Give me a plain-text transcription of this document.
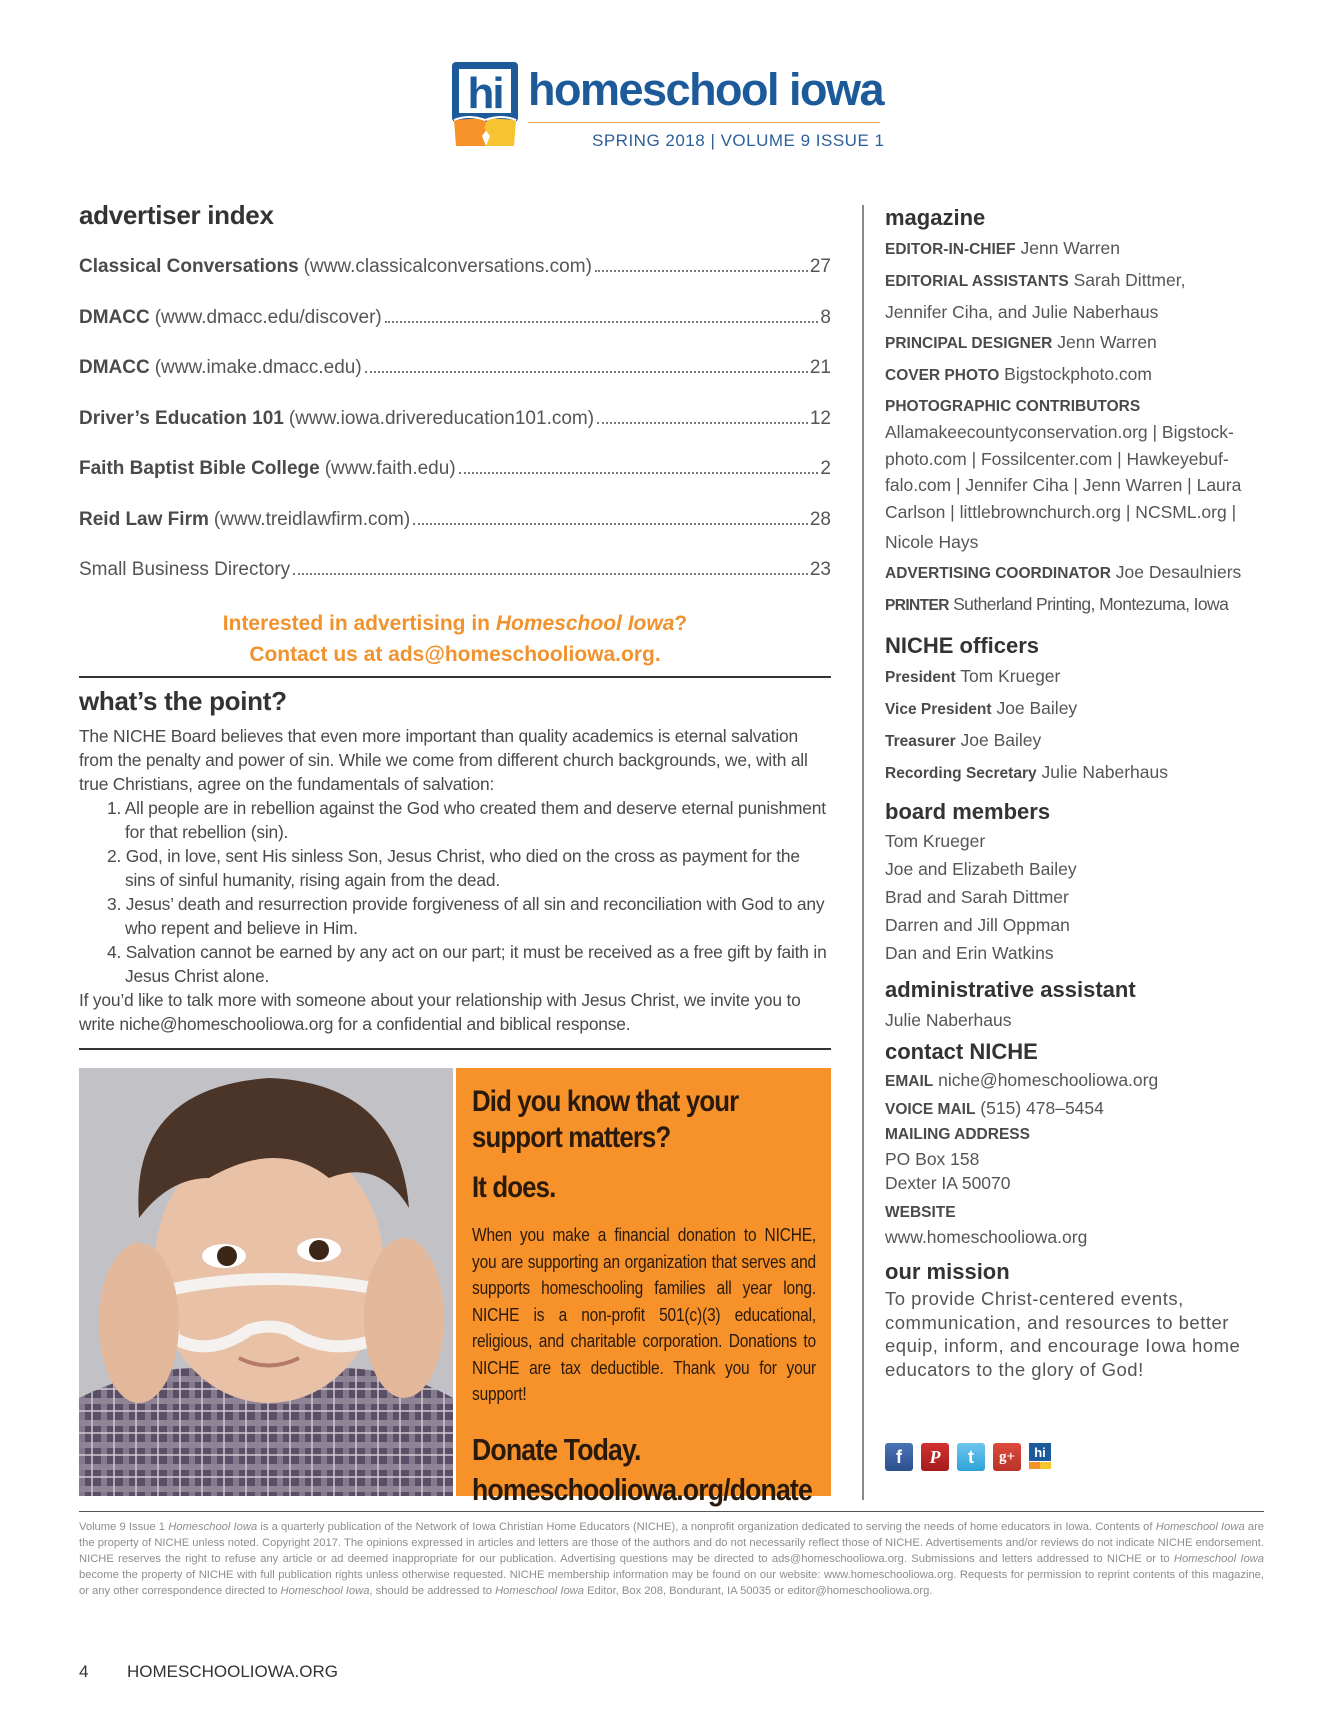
hi homeschool iowa
SPRING 2018 | VOLUME 9 ISSUE 1
advertiser index
Classical Conversations (www.classicalconversations.com)	27
DMACC (www.dmacc.edu/discover)	8
DMACC (www.imake.dmacc.edu)	21
Driver’s Education 101 (www.iowa.drivereducation101.com)	12
Faith Baptist Bible College (www.faith.edu)	2
Reid Law Firm (www.treidlawfirm.com)	28
Small Business Directory	23
Interested in advertising in Homeschool Iowa?
Contact us at ads@homeschooliowa.org.
what’s the point?

The NICHE Board believes that even more important than quality academics is eternal salvation from the penalty and power of sin. While we come from different church backgrounds, we, with all true Christians, agree on the fundamentals of salvation:

1. All people are in rebellion against the God who created them and deserve eternal punishment for that rebellion (sin).
2. God, in love, sent His sinless Son, Jesus Christ, who died on the cross as payment for the sins of sinful humanity, rising again from the dead.
3. Jesus’ death and resurrection provide forgiveness of all sin and reconciliation with God to any who repent and believe in Him.
4. Salvation cannot be earned by any act on our part; it must be received as a free gift by faith in Jesus Christ alone.

If you’d like to talk more with someone about your relationship with Jesus Christ, we invite you to write niche@homeschooliowa.org for a confidential and biblical response.

Did you know that your support matters?
It does.
When you make a financial donation to NICHE, you are supporting an organization that serves and supports homeschooling families all year long. NICHE is a non-profit 501(c)(3) educational, religious, and charitable corporation. Donations to NICHE are tax deductible. Thank you for your support!
Donate Today.
homeschooliowa.org/donate
magazine
EDITOR-IN-CHIEF Jenn Warren
EDITORIAL ASSISTANTS Sarah Dittmer,
Jennifer Ciha, and Julie Naberhaus
PRINCIPAL DESIGNER Jenn Warren
COVER PHOTO Bigstockphoto.com
PHOTOGRAPHIC CONTRIBUTORS
Allamakeecountyconservation.org | Bigstock-photo.com | Fossilcenter.com | Hawkeyebuf-falo.com | Jennifer Ciha | Jenn Warren | Laura Carlson | littlebrownchurch.org | NCSML.org |
Nicole Hays
ADVERTISING COORDINATOR Joe Desaulniers
PRINTER Sutherland Printing, Montezuma, Iowa
NICHE officers
President Tom Krueger
Vice President Joe Bailey
Treasurer Joe Bailey
Recording Secretary Julie Naberhaus
board members
Tom Krueger
Joe and Elizabeth Bailey
Brad and Sarah Dittmer
Darren and Jill Oppman
Dan and Erin Watkins
administrative assistant
Julie Naberhaus
contact NICHE
EMAIL niche@homeschooliowa.org
VOICE MAIL (515) 478–5454
MAILING ADDRESS
PO Box 158
Dexter IA 50070
WEBSITE
www.homeschooliowa.org
our mission
To provide Christ-centered events, communication, and resources to better equip, inform, and encourage Iowa home educators to the glory of God!
f P t g+ hi
Volume 9 Issue 1 Homeschool Iowa is a quarterly publication of the Network of Iowa Christian Home Educators (NICHE), a nonprofit organization dedicated to serving the needs of home educators in Iowa. Contents of Homeschool Iowa are the property of NICHE unless noted. Copyright 2017. The opinions expressed in articles and letters are those of the authors and do not necessarily reflect those of NICHE. Advertisements and/or reviews do not indicate NICHE endorsement. NICHE reserves the right to refuse any article or ad deemed inappropriate for our publication. Advertising questions may be directed to ads@homeschooliowa.org. Submissions and letters addressed to NICHE or to Homeschool Iowa become the property of NICHE with full publication rights unless otherwise requested. NICHE membership information may be found on our website: www.homeschooliowa.org. Requests for permission to reprint contents of this magazine, or any other correspondence directed to Homeschool Iowa, should be addressed to Homeschool Iowa Editor, Box 208, Bondurant, IA 50035 or editor@homeschooliowa.org.
4 HOMESCHOOLIOWA.ORG
